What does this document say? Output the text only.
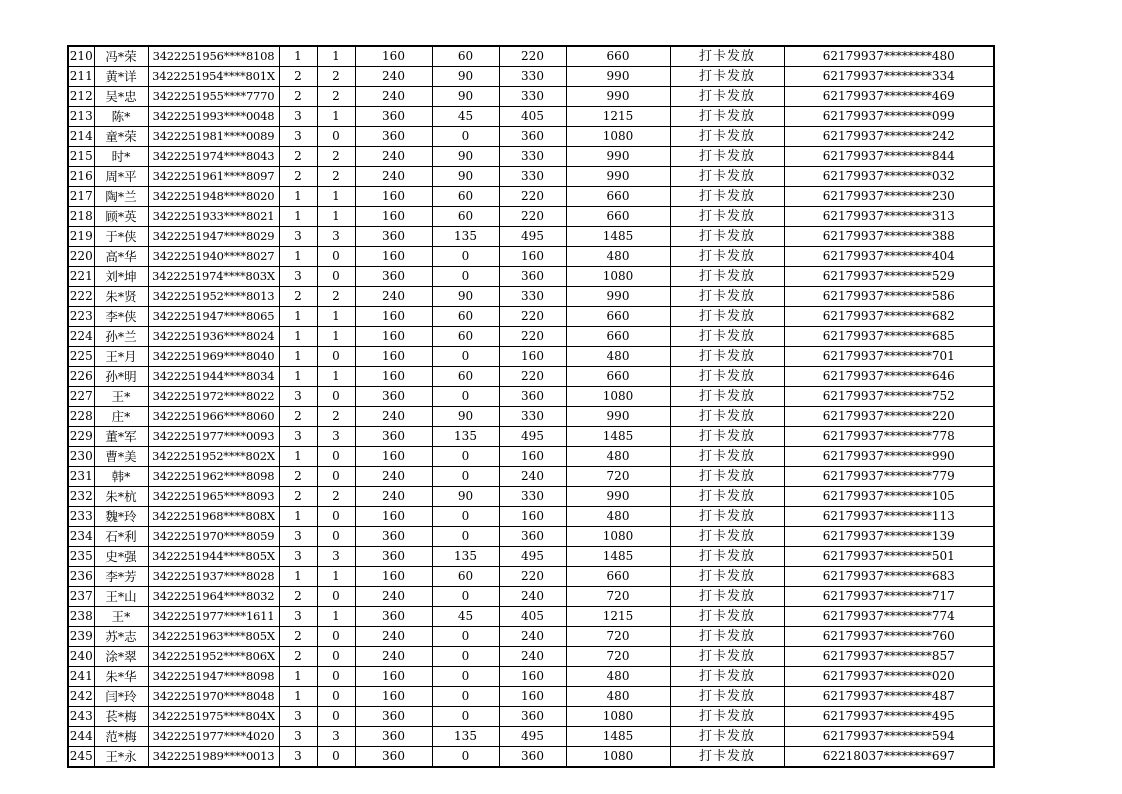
210	冯*荣	3422251956****8108	1	1	160	60	220	660	打卡发放	62179937********480
211	黄*详	3422251954****801X	2	2	240	90	330	990	打卡发放	62179937********334
212	吴*忠	3422251955****7770	2	2	240	90	330	990	打卡发放	62179937********469
213	陈*	3422251993****0048	3	1	360	45	405	1215	打卡发放	62179937********099
214	童*荣	3422251981****0089	3	0	360	0	360	1080	打卡发放	62179937********242
215	时*	3422251974****8043	2	2	240	90	330	990	打卡发放	62179937********844
216	周*平	3422251961****8097	2	2	240	90	330	990	打卡发放	62179937********032
217	陶*兰	3422251948****8020	1	1	160	60	220	660	打卡发放	62179937********230
218	顾*英	3422251933****8021	1	1	160	60	220	660	打卡发放	62179937********313
219	于*侠	3422251947****8029	3	3	360	135	495	1485	打卡发放	62179937********388
220	高*华	3422251940****8027	1	0	160	0	160	480	打卡发放	62179937********404
221	刘*坤	3422251974****803X	3	0	360	0	360	1080	打卡发放	62179937********529
222	朱*贤	3422251952****8013	2	2	240	90	330	990	打卡发放	62179937********586
223	李*侠	3422251947****8065	1	1	160	60	220	660	打卡发放	62179937********682
224	孙*兰	3422251936****8024	1	1	160	60	220	660	打卡发放	62179937********685
225	王*月	3422251969****8040	1	0	160	0	160	480	打卡发放	62179937********701
226	孙*明	3422251944****8034	1	1	160	60	220	660	打卡发放	62179937********646
227	王*	3422251972****8022	3	0	360	0	360	1080	打卡发放	62179937********752
228	庄*	3422251966****8060	2	2	240	90	330	990	打卡发放	62179937********220
229	董*军	3422251977****0093	3	3	360	135	495	1485	打卡发放	62179937********778
230	曹*美	3422251952****802X	1	0	160	0	160	480	打卡发放	62179937********990
231	韩*	3422251962****8098	2	0	240	0	240	720	打卡发放	62179937********779
232	朱*杭	3422251965****8093	2	2	240	90	330	990	打卡发放	62179937********105
233	魏*玲	3422251968****808X	1	0	160	0	160	480	打卡发放	62179937********113
234	石*利	3422251970****8059	3	0	360	0	360	1080	打卡发放	62179937********139
235	史*强	3422251944****805X	3	3	360	135	495	1485	打卡发放	62179937********501
236	李*芳	3422251937****8028	1	1	160	60	220	660	打卡发放	62179937********683
237	王*山	3422251964****8032	2	0	240	0	240	720	打卡发放	62179937********717
238	王*	3422251977****1611	3	1	360	45	405	1215	打卡发放	62179937********774
239	苏*志	3422251963****805X	2	0	240	0	240	720	打卡发放	62179937********760
240	涂*翠	3422251952****806X	2	0	240	0	240	720	打卡发放	62179937********857
241	朱*华	3422251947****8098	1	0	160	0	160	480	打卡发放	62179937********020
242	闫*玲	3422251970****8048	1	0	160	0	160	480	打卡发放	62179937********487
243	苌*梅	3422251975****804X	3	0	360	0	360	1080	打卡发放	62179937********495
244	范*梅	3422251977****4020	3	3	360	135	495	1485	打卡发放	62179937********594
245	王*永	3422251989****0013	3	0	360	0	360	1080	打卡发放	62218037********697
